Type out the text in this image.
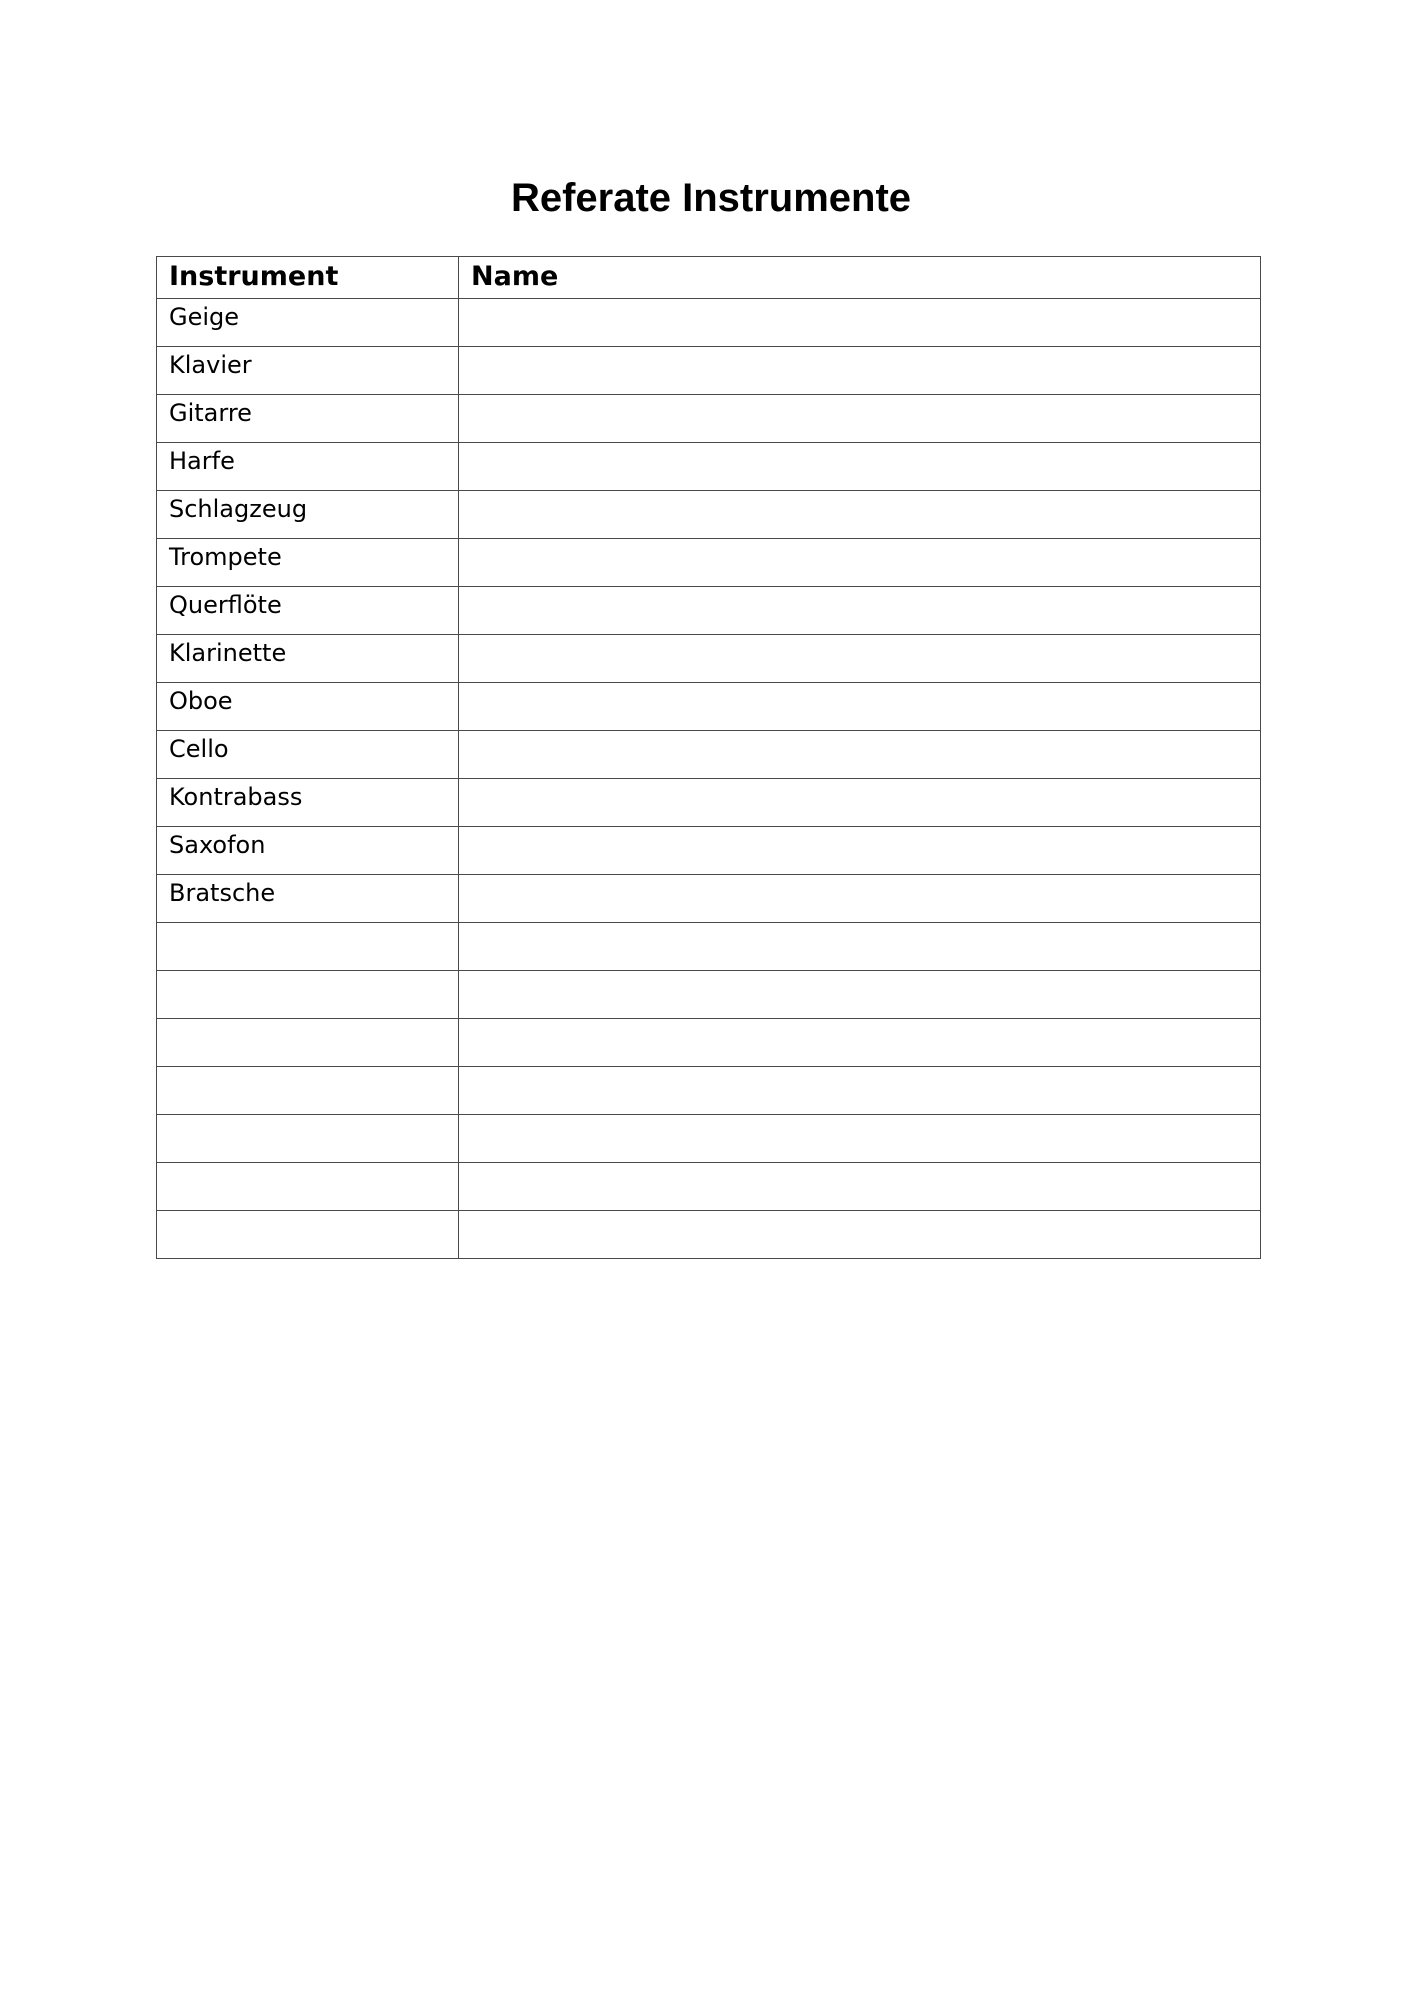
Referate Instrumente
Instrument	Name
Geige	
Klavier	
Gitarre	
Harfe	
Schlagzeug	
Trompete	
Querflöte	
Klarinette	
Oboe	
Cello	
Kontrabass	
Saxofon	
Bratsche	
